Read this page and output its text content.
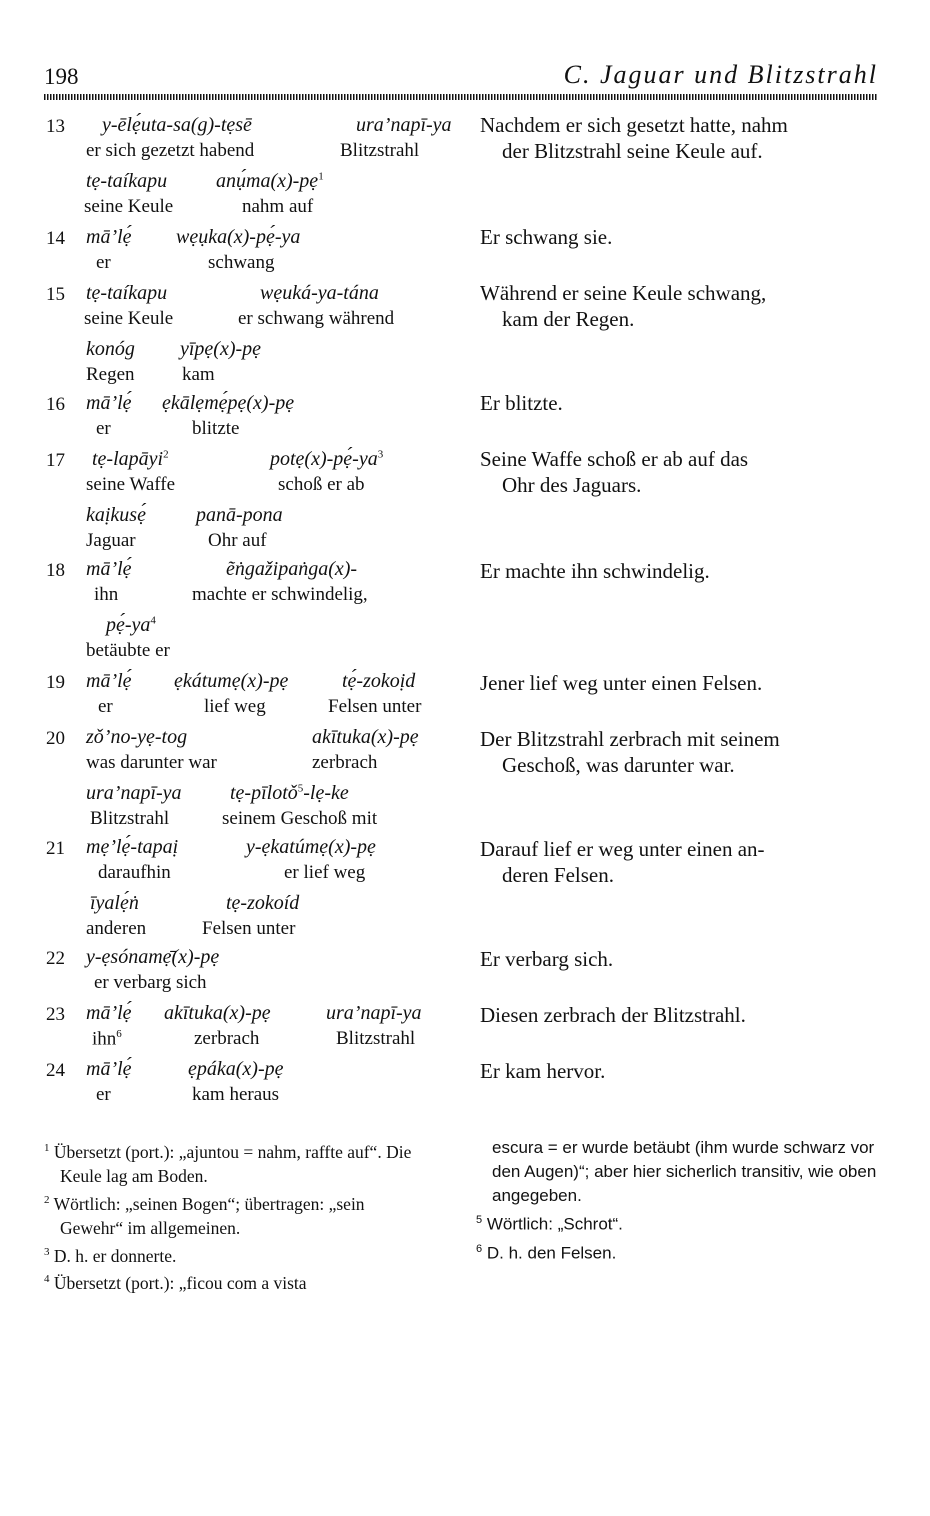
198	C. Jaguar und Blitzstrahl
13 y-ēlẹ́uta-sa(g)-tẹsē
er sich gezetzt habend
ura’napī-ya
Blitzstrahl
tẹ-taíkapu
seine Keule
anụ́ma(x)-pẹ$^1$
nahm auf
Nachdem er sich gesetzt hatte, nahm
der Blitzstrahl seine Keule auf.
14 mā’lẹ́
er
wẹụka(x)-pẹ́-ya
schwang
Er schwang sie.
15 tẹ-taíkapu
seine Keule
wẹuká-ya-tána
er schwang während
konóg
Regen
yīpẹ(x)-pẹ
kam
Während er seine Keule schwang,
kam der Regen.
16 mā’lẹ́
er
ẹkālẹmẹ́pẹ(x)-pẹ
blitzte
Er blitzte.
17 tẹ-lapāyi$^2$
seine Waffe
$potẹ(x)-pẹ́-ya^3$
schoß er ab
kaịkusẹ́
Jaguar
panā-pona
Ohr auf
Seine Waffe schoß er ab auf das
Ohr des Jaguars.
18 mā’lẹ́
ihn
ẽṅgažipaṅga(x)-
machte er schwindelig,
$pẹ́-ya^4$
betäubte er
Er machte ihn schwindelig.
19 mā’lẹ́
er
ẹkátumẹ(x)-pẹ
lief weg
tẹ́-zokoịd
Felsen unter
Jener lief weg unter einen Felsen.
20 zǒ’no-yẹ-tog
was darunter war
akītuka(x)-pẹ
zerbrach
ura’napī-ya
Blitzstrahl
tẹ-pīlotǒ$^5$-lẹ-ke
seinem Geschoß mit
Der Blitzstrahl zerbrach mit seinem
Geschoß, was darunter war.
21 mẹ’lẹ́-tapaị
daraufhin
y-ẹkatúmẹ(x)-pẹ
er lief weg
īyalẹ́ṅ
anderen
tẹ-zokoíd
Felsen unter
Darauf lief er weg unter einen an-
deren Felsen.
22 y-ẹsónamẹ̄(x)-pẹ
er verbarg sich
Er verbarg sich.
23 mā’lẹ́
ihn$^6$
akītuka(x)-pẹ
zerbrach
ura’napī-ya
Blitzstrahl
Diesen zerbrach der Blitzstrahl.
24 mā’lẹ́
er
ẹpáka(x)-pẹ
kam heraus
Er kam hervor.

$^1$ Übersetzt (port.): „ajuntou = nahm, raffte auf“. Die Keule lag am Boden.

$^2$ Wörtlich: „seinen Bogen“; übertragen: „sein Gewehr“ im allgemeinen.

$^3$ D. h. er donnerte.

$^4$ Übersetzt (port.): „ficou com a vista

escura = er wurde betäubt (ihm wurde schwarz vor den Augen)“; aber hier sicherlich transitiv, wie oben angegeben.

$^5$ Wörtlich: „Schrot“.

$^6$ D. h. den Felsen.
